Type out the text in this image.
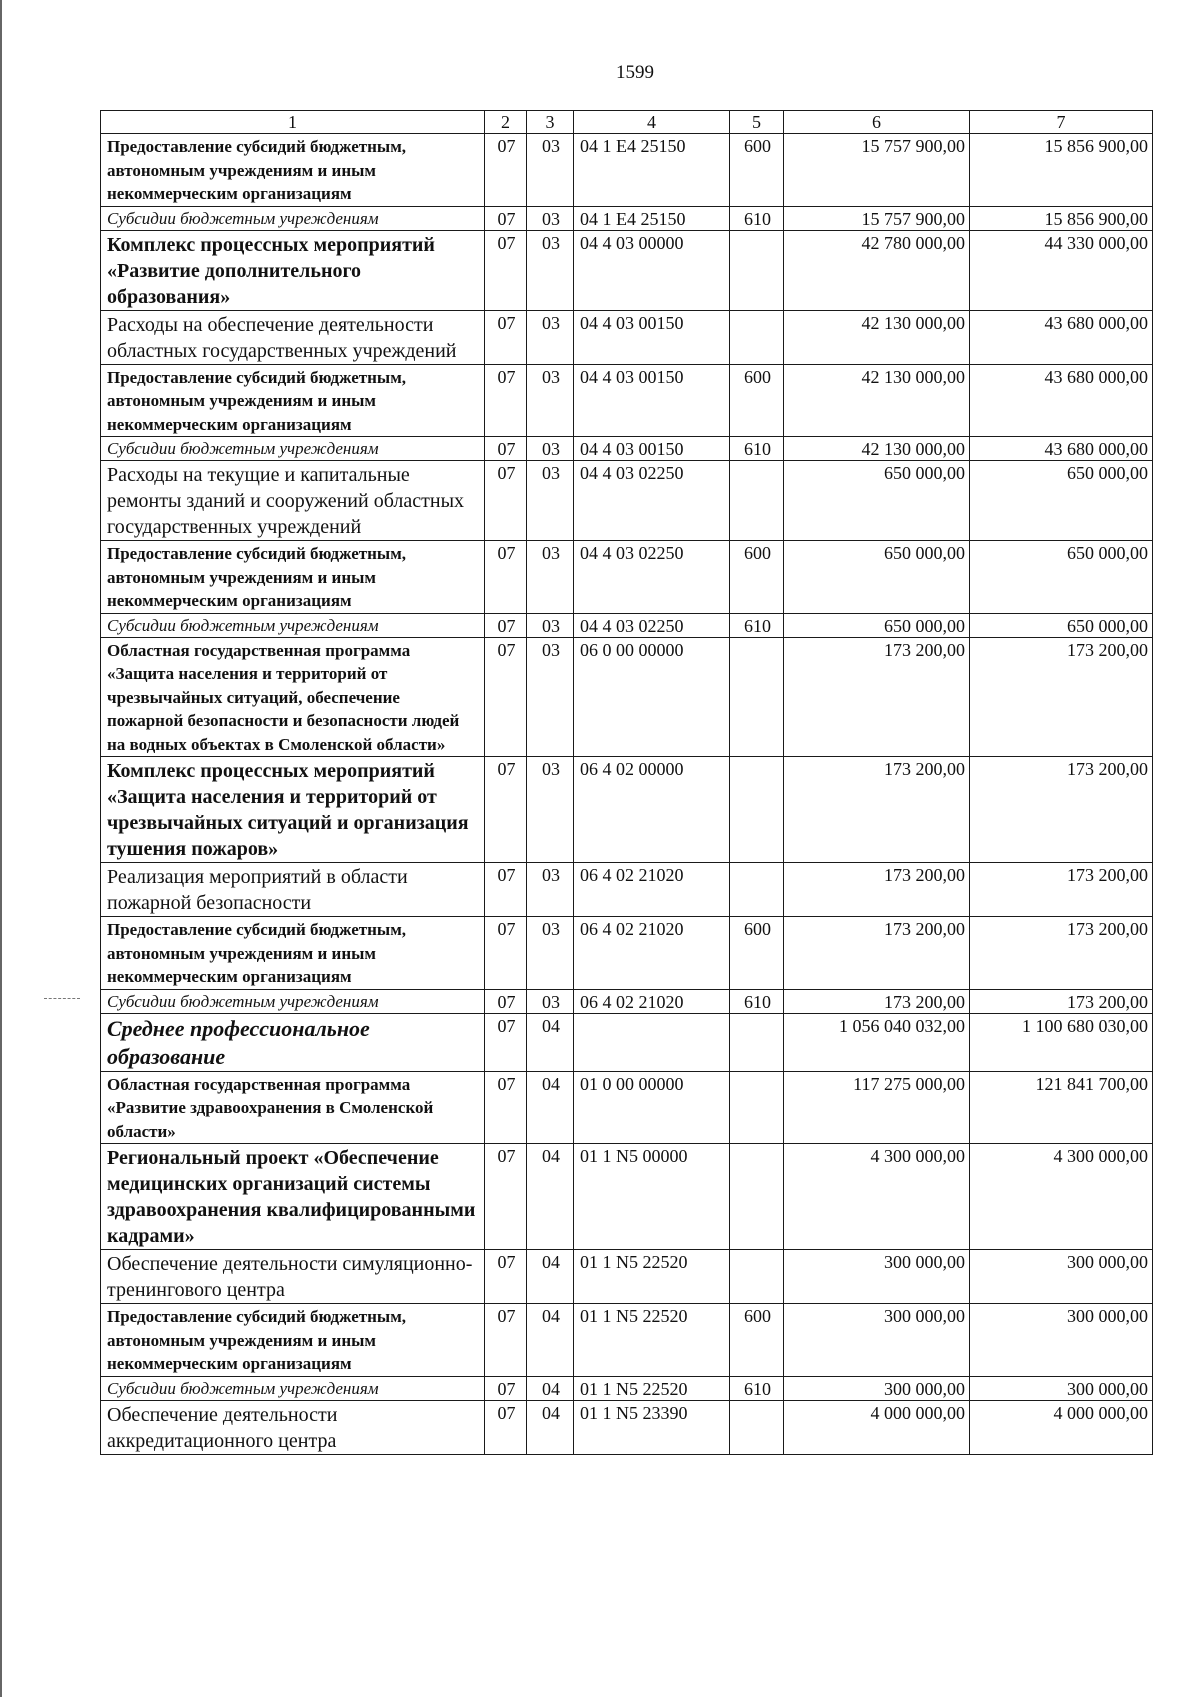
1599
1	2	3	4	5	6	7
Предоставление субсидий бюджетным, автономным учреждениям и иным некоммерческим организациям	07	03	04 1 Е4 25150	600	15 757 900,00	15 856 900,00
Субсидии бюджетным учреждениям	07	03	04 1 Е4 25150	610	15 757 900,00	15 856 900,00
Комплекс процессных мероприятий «Развитие дополнительного образования»	07	03	04 4 03 00000		42 780 000,00	44 330 000,00
Расходы на обеспечение деятельности областных государственных учреждений	07	03	04 4 03 00150		42 130 000,00	43 680 000,00
Предоставление субсидий бюджетным, автономным учреждениям и иным некоммерческим организациям	07	03	04 4 03 00150	600	42 130 000,00	43 680 000,00
Субсидии бюджетным учреждениям	07	03	04 4 03 00150	610	42 130 000,00	43 680 000,00
Расходы на текущие и капитальные ремонты зданий и сооружений областных государственных учреждений	07	03	04 4 03 02250		650 000,00	650 000,00
Предоставление субсидий бюджетным, автономным учреждениям и иным некоммерческим организациям	07	03	04 4 03 02250	600	650 000,00	650 000,00
Субсидии бюджетным учреждениям	07	03	04 4 03 02250	610	650 000,00	650 000,00
Областная государственная программа «Защита населения и территорий от чрезвычайных ситуаций, обеспечение пожарной безопасности и безопасности людей на водных объектах в Смоленской области»	07	03	06 0 00 00000		173 200,00	173 200,00
Комплекс процессных мероприятий «Защита населения и территорий от чрезвычайных ситуаций и организация тушения пожаров»	07	03	06 4 02 00000		173 200,00	173 200,00
Реализация мероприятий в области пожарной безопасности	07	03	06 4 02 21020		173 200,00	173 200,00
Предоставление субсидий бюджетным, автономным учреждениям и иным некоммерческим организациям	07	03	06 4 02 21020	600	173 200,00	173 200,00
Субсидии бюджетным учреждениям	07	03	06 4 02 21020	610	173 200,00	173 200,00
Среднее профессиональное образование	07	04			1 056 040 032,00	1 100 680 030,00
Областная государственная программа «Развитие здравоохранения в Смоленской области»	07	04	01 0 00 00000		117 275 000,00	121 841 700,00
Региональный проект «Обеспечение медицинских организаций системы здравоохранения квалифицированными кадрами»	07	04	01 1 N5 00000		4 300 000,00	4 300 000,00
Обеспечение деятельности симуляционно-тренингового центра	07	04	01 1 N5 22520		300 000,00	300 000,00
Предоставление субсидий бюджетным, автономным учреждениям и иным некоммерческим организациям	07	04	01 1 N5 22520	600	300 000,00	300 000,00
Субсидии бюджетным учреждениям	07	04	01 1 N5 22520	610	300 000,00	300 000,00
Обеспечение деятельности аккредитационного центра	07	04	01 1 N5 23390		4 000 000,00	4 000 000,00
